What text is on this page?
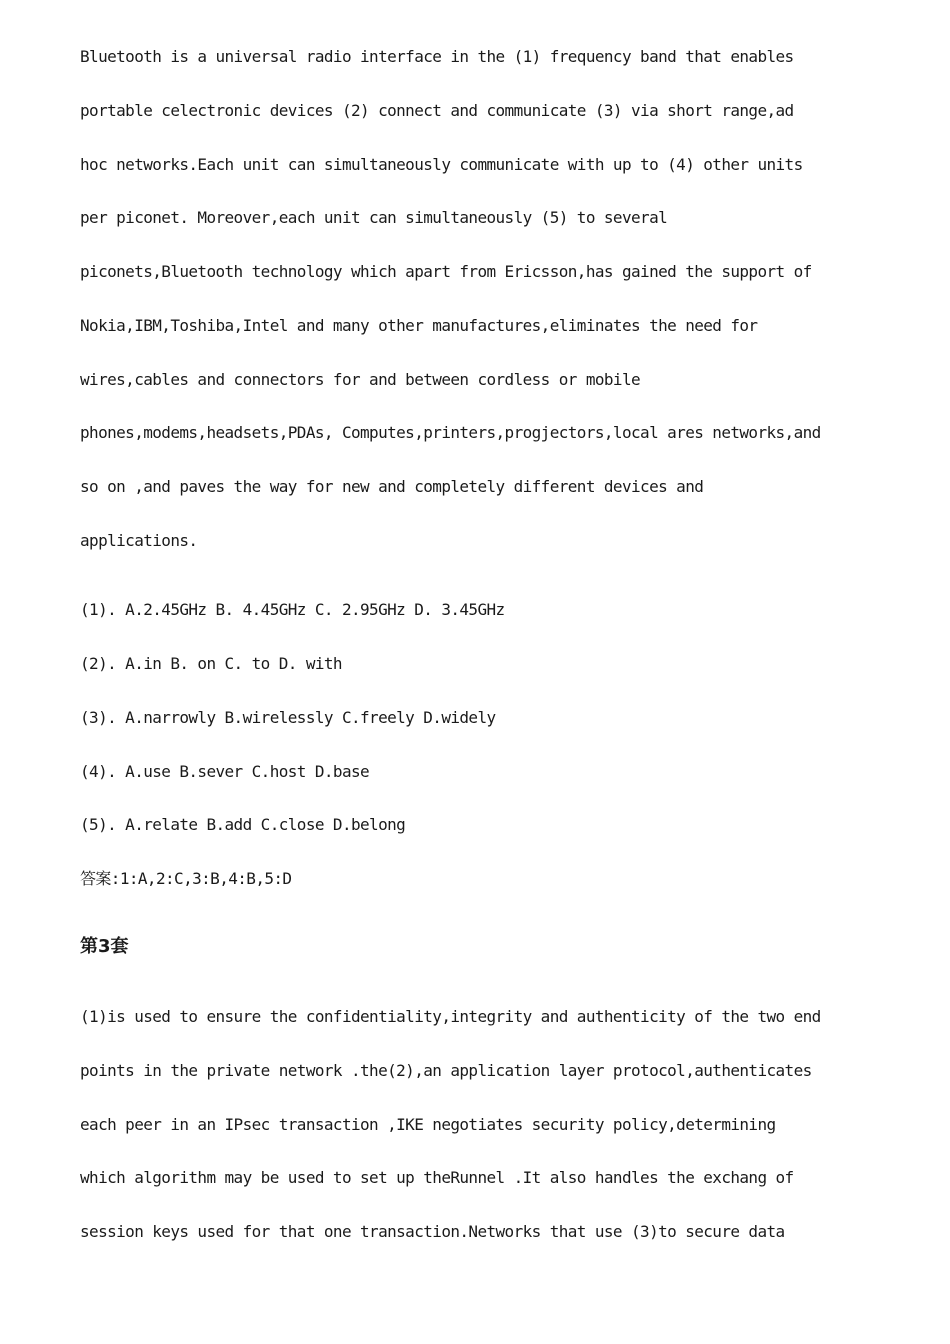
Bluetooth is a universal radio interface in the (1) frequency band that enables
portable celectronic devices (2) connect and communicate (3) via short range,ad
hoc networks.Each unit can simultaneously communicate with up to (4) other units
per piconet. Moreover,each unit can simultaneously (5) to several
piconets,Bluetooth technology which apart from Ericsson,has gained the support of
Nokia,IBM,Toshiba,Intel and many other manufactures,eliminates the need for
wires,cables and connectors for and between cordless or mobile
phones,modems,headsets,PDAs, Computes,printers,progjectors,local ares networks,and
so on ,and paves the way for new and completely different devices and
applications.
(1). A.2.45GHz B. 4.45GHz C. 2.95GHz D. 3.45GHz
(2). A.in B. on C. to D. with
(3). A.narrowly B.wirelessly C.freely D.widely
(4). A.use B.sever C.host D.base
(5). A.relate B.add C.close D.belong
答案:1:A,2:C,3:B,4:B,5:D
第3套
(1)is used to ensure the confidentiality,integrity and authenticity of the two end
points in the private network .the(2),an application layer protocol,authenticates
each peer in an IPsec transaction ,IKE negotiates security policy,determining
which algorithm may be used to set up theRunnel .It also handles the exchang of
session keys used for that one transaction.Networks that use (3)to secure data
